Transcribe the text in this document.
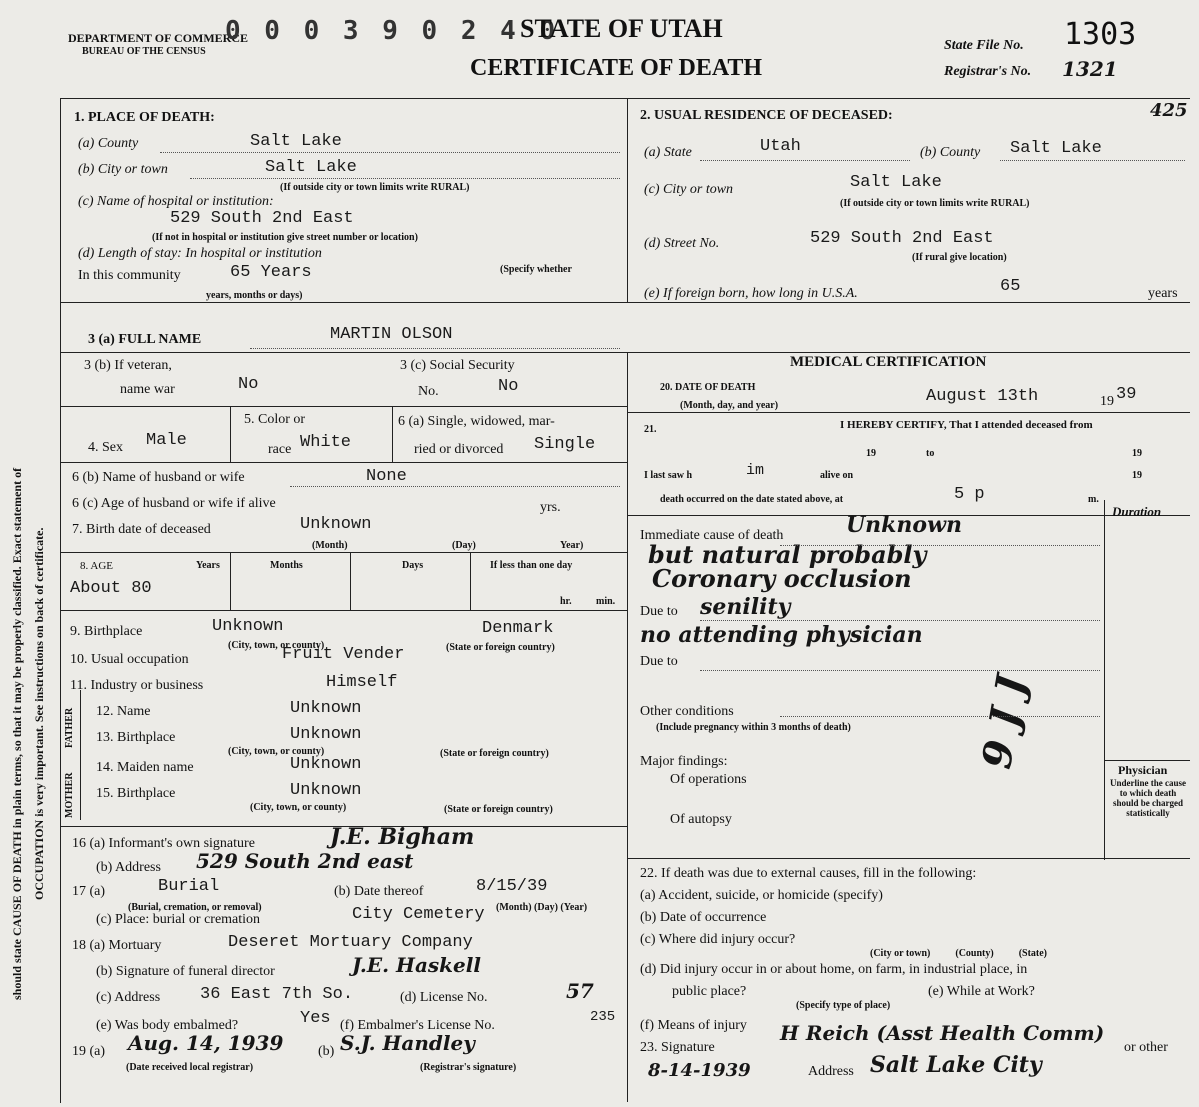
should state CAUSE OF DEATH in plain terms, so that it may be properly classified. Exact statement of OCCUPATION is very important. See instructions on back of certificate.
DEPARTMENT OF COMMERCE
BUREAU OF THE CENSUS
0 0 0 3 9 0 2 4 0
STATE OF UTAH
CERTIFICATE OF DEATH
State File No. 1303
Registrar's No. 1321
425
1. PLACE OF DEATH:
(a) County	Salt Lake
(b) City or town	Salt Lake
(If outside city or town limits write RURAL)
(c) Name of hospital or institution:
529 South 2nd East
(If not in hospital or institution give street number or location)
(d) Length of stay: In hospital or institution
In this community	65 Years	(Specify whether
years, months or days)
2. USUAL RESIDENCE OF DECEASED:
(a) State	Utah	(b) County Salt Lake
(c) City or town	Salt Lake
(If outside city or town limits write RURAL)
(d) Street No.	529 South 2nd East
(If rural give location)
(e) If foreign born, how long in U.S.A.	65	years
3 (a) FULL NAME	MARTIN OLSON
MEDICAL CERTIFICATION
3 (b) If veteran,
name war	No
3 (c) Social Security
No.	No
4. Sex Male
5. Color or
race White
6 (a) Single, widowed, mar-
ried or divorced Single
6 (b) Name of husband or wife	None
6 (c) Age of husband or wife if alive	yrs.
7. Birth date of deceased	Unknown
(Month)	(Day)	Year)
8. AGE	Years	Months	Days	If less than one day
About 80
hr. min.
9. Birthplace	Unknown	Denmark
(City, town, or county)	(State or foreign country)
10. Usual occupation	Fruit Vender
11. Industry or business	Himself
FATHER
MOTHER
12. Name	Unknown
13. Birthplace	Unknown
(City, town, or county)	(State or foreign country)
14. Maiden name	Unknown
15. Birthplace	Unknown
(City, town, or county)	(State or foreign country)
16 (a) Informant's own signature	J.E. Bigham
(b) Address 529 South 2nd east
17 (a)	Burial
(Burial, cremation, or removal)
(b) Date thereof	8/15/39
(Month) (Day) (Year)
(c) Place: burial or cremation	City Cemetery
18 (a) Mortuary	Deseret Mortuary Company
(b) Signature of funeral director	J.E. Haskell
(c) Address 36 East 7th So.	(d) License No.	57
(e) Was body embalmed?	Yes (f) Embalmer's License No.
235
19 (a) Aug. 14, 1939
(Date received local registrar)
(b) S.J. Handley
(Registrar's signature)
20. DATE OF DEATH
(Month, day, and year)	August 13th	19 39
21.	I HEREBY CERTIFY, That I attended deceased from
19	to	19
I last saw h	im	alive on	19
death occurred on the date stated above, at	5 p	m.
Duration
Immediate cause of death	Unknown
but natural probably
Coronary occlusion
Due to senility
no attending physician
Due to
Other conditions
(Include pregnancy within 3 months of death)
Major findings:
Of operations
Of autopsy
9 J J	Physician
Underline the cause to which death should be charged statistically
22. If death was due to external causes, fill in the following:
(a) Accident, suicide, or homicide (specify)
(b) Date of occurrence
(c) Where did injury occur?
(City or town)          (County)          (State)
(d) Did injury occur in or about home, on farm, in industrial place, in
public place?
(Specify type of place)
(e) While at Work?
(f) Means of injury
23. Signature
H Reich (Asst Health Comm)
or other
8-14-1939	Address Salt Lake City
